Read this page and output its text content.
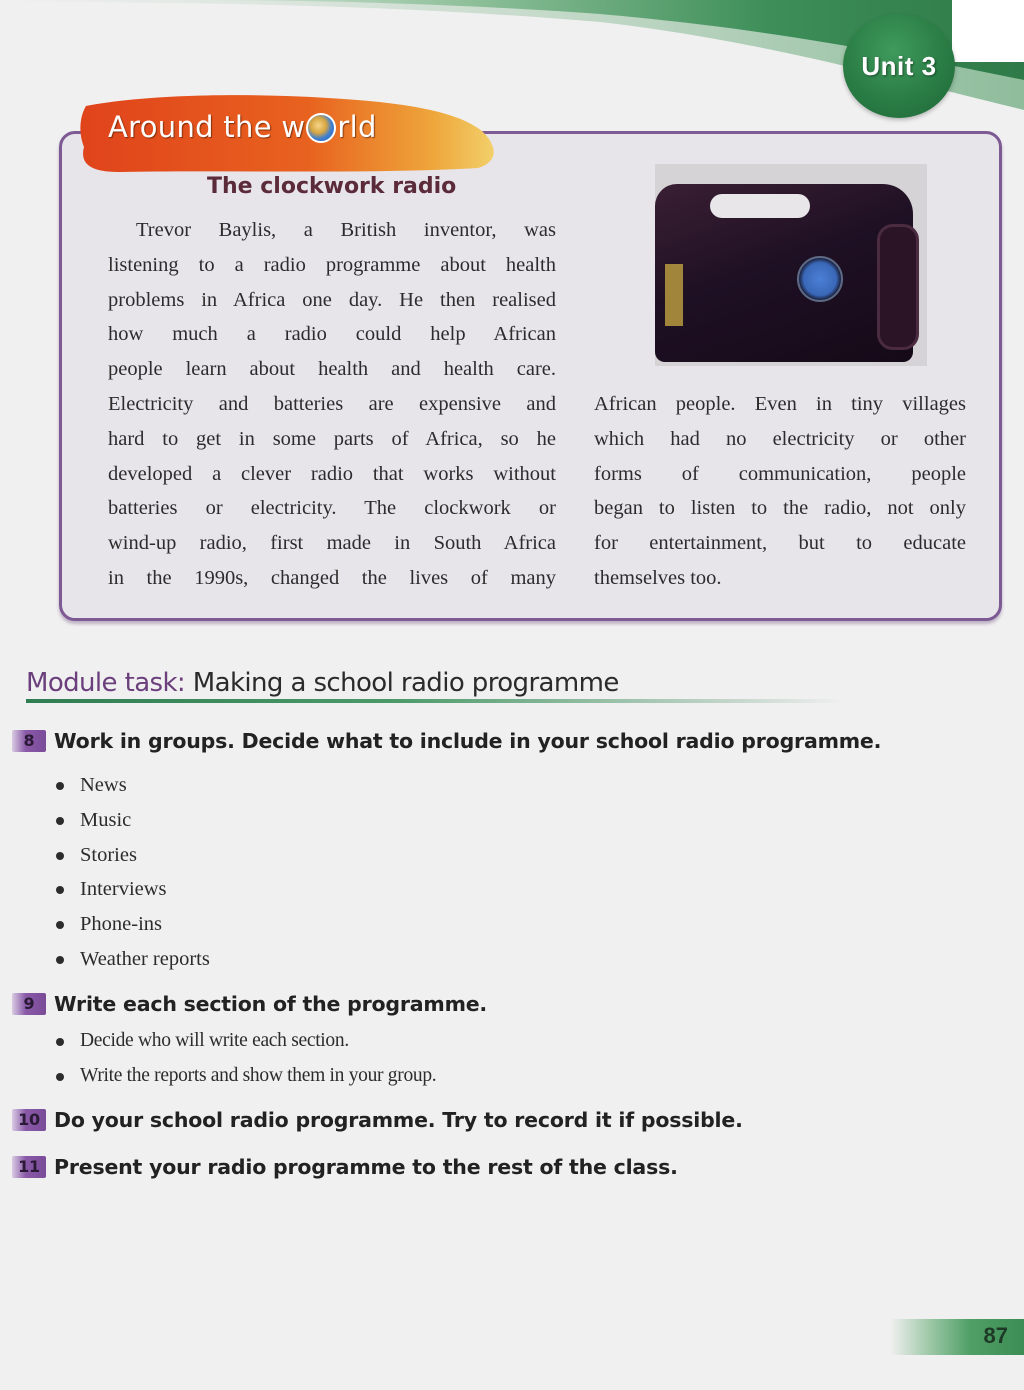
Unit 3
Around the w rld
The clockwork radio
Trevor Baylis, a British inventor, was
listening to a radio programme about health
problems in Africa one day. He then realised
how much a radio could help African
people learn about health and health care.
Electricity and batteries are expensive and
hard to get in some parts of Africa, so he
developed a clever radio that works without
batteries or electricity. The clockwork or
wind-up radio, first made in South Africa
in the 1990s, changed the lives of many
African people. Even in tiny villages
which had no electricity or other
forms of communication, people
began to listen to the radio, not only
for entertainment, but to educate
themselves too.
Module task: Making a school radio programme
8 Work in groups. Decide what to include in your school radio programme.
News
Music
Stories
Interviews
Phone-ins
Weather reports
9 Write each section of the programme.
Decide who will write each section.
Write the reports and show them in your group.
10 Do your school radio programme. Try to record it if possible.
11 Present your radio programme to the rest of the class.
87
